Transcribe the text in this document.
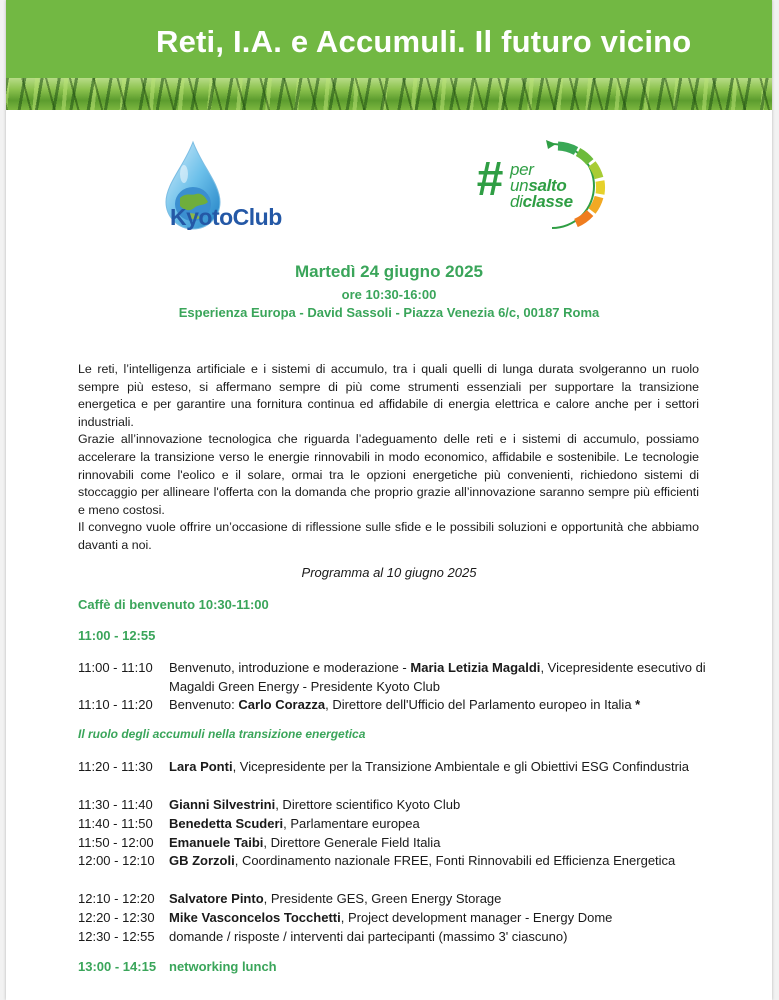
Reti, I.A. e Accumuli. Il futuro vicino
KyotoClub
# per
unsalto
diclasse
Martedì 24 giugno 2025
ore 10:30-16:00
Esperienza Europa - David Sassoli - Piazza Venezia 6/c, 00187 Roma

Le reti, l’intelligenza artificiale e i sistemi di accumulo, tra i quali quelli di lunga durata svolgeranno un ruolo sempre più esteso, si affermano sempre di più come strumenti essenziali per supportare la transizione energetica e per garantire una fornitura continua ed affidabile di energia elettrica e calore anche per i settori industriali.

Grazie all’innovazione tecnologica che riguarda l’adeguamento delle reti e i sistemi di accumulo, possiamo accelerare la transizione verso le energie rinnovabili in modo economico, affidabile e sostenibile. Le tecnologie rinnovabili come l'eolico e il solare, ormai tra le opzioni energetiche più convenienti, richiedono sistemi di stoccaggio per allineare l'offerta con la domanda che proprio grazie all’innovazione saranno sempre più efficienti e meno costosi.

Il convegno vuole offrire un’occasione di riflessione sulle sfide e le possibili soluzioni e opportunità che abbiamo davanti a noi.

Programma al 10 giugno 2025
Caffè di benvenuto 10:30-11:00
11:00 - 12:55
11:00 - 11:10 Benvenuto, introduzione e moderazione - Maria Letizia Magaldi, Vicepresidente esecutivo di Magaldi Green Energy - Presidente Kyoto Club
11:10 - 11:20 Benvenuto: Carlo Corazza, Direttore dell'Ufficio del Parlamento europeo in Italia *
Il ruolo degli accumuli nella transizione energetica
11:20 - 11:30 Lara Ponti, Vicepresidente per la Transizione Ambientale e gli Obiettivi ESG Confindustria
11:30 - 11:40 Gianni Silvestrini, Direttore scientifico Kyoto Club
11:40 - 11:50 Benedetta Scuderi, Parlamentare europea
11:50 - 12:00 Emanuele Taibi, Direttore Generale Field Italia
12:00 - 12:10 GB Zorzoli, Coordinamento nazionale FREE, Fonti Rinnovabili ed Efficienza Energetica
12:10 - 12:20 Salvatore Pinto, Presidente GES, Green Energy Storage
12:20 - 12:30 Mike Vasconcelos Tocchetti, Project development manager - Energy Dome
12:30 - 12:55 domande / risposte / interventi dai partecipanti (massimo 3' ciascuno)
13:00 - 14:15 networking lunch
